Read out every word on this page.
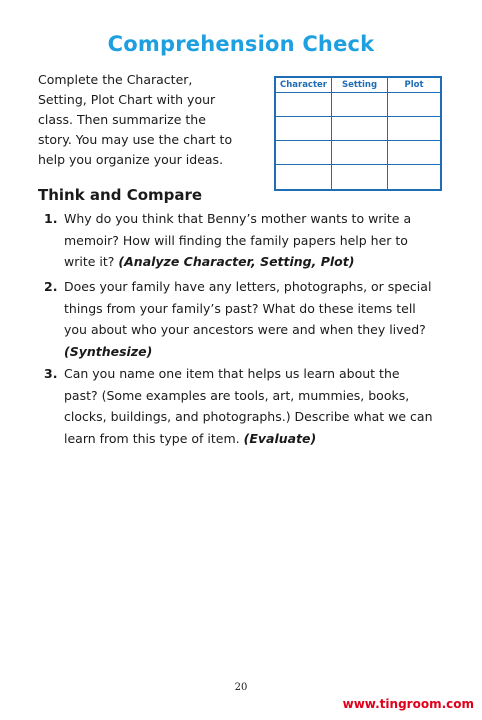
Comprehension Check
Complete the Character,
Setting, Plot Chart with your
class. Then summarize the
story. You may use the chart to
help you organize your ideas.
Character	Setting	Plot
Think and Compare
1. Why do you think that Benny’s mother wants to write a
memoir? How will finding the family papers help her to
write it? (Analyze Character, Setting, Plot)
2. Does your family have any letters, photographs, or special
things from your family’s past? What do these items tell
you about who your ancestors were and when they lived?
(Synthesize)
3. Can you name one item that helps us learn about the
past? (Some examples are tools, art, mummies, books,
clocks, buildings, and photographs.) Describe what we can
learn from this type of item. (Evaluate)
20
www.tingroom.com
